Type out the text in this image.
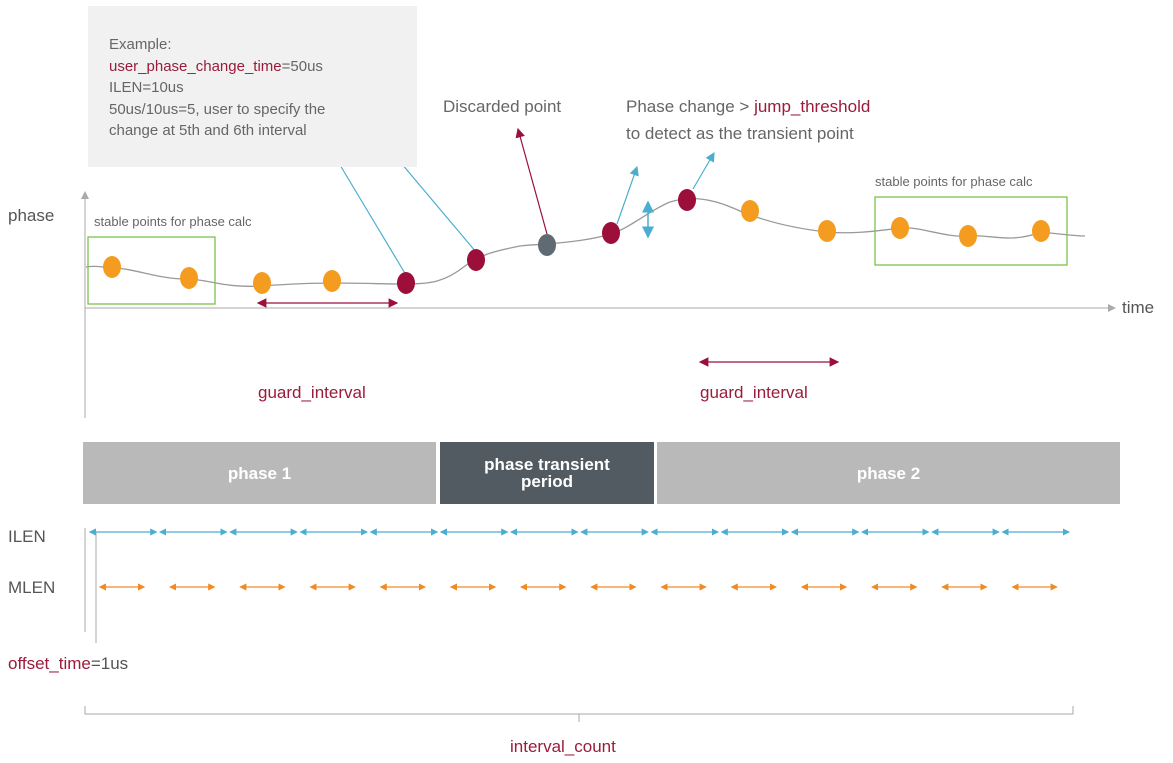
phase
time
stable points for phase calc
stable points for phase calc
Discarded point	Phase change > jump_threshold
to detect as the transient point
guard_interval	guard_interval
ILEN
MLEN
offset_time=1us
interval_count
Example:
user_phase_change_time=50us
ILEN=10us
50us/10us=5, user to specify the
change at 5th and 6th interval
phase 1	phase transient
period	phase 2
